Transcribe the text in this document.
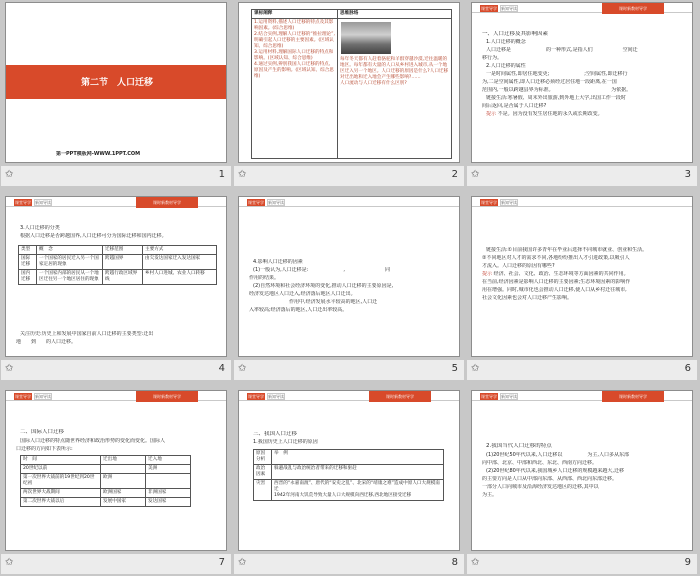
第二节　人口迁移
第一PPT模板网-WWW.1PPT.COM
✩	1
课标阐释	思维脉络
1.运用资料,描述人口迁移的特点及其影响因素。(综合思维)
2.结合实例,理解人口迁移的“推拉理论”,明确引起人口迁移的主要因素。(区域认知、综合思维)
3.运用材料,理解国际人口迁移的特点和影响。(区域认知、综合思维)
4.通过实例,辨别我国人口迁移的特点、原因及产生的影响。(区域认知、综合思维)	每年冬天都有人赶着骆驼和羊群穿越沙漠,迁往温暖的地区。每年都有大量的人口从乡村进入城市,从一个地区迁入另一个地区。人口迁移的原因是什么?人口迁移对迁出地和迁入地会产生哪些影响?……
人口流动与人口迁移有什么区别?
✩	2
课堂导学 新知导读	课时新教材导学
一、人口迁移及其影响因素
1.人口迁移的概念
人口迁移是　　　　　　　的一种形式,是指人们　　　　　　空间迁
移行为。
2.人口迁移的属性
一是时间属性,即居住地变更;　　　　　　　;空间属性,即迁移行
为,二是空间属性,即人口迁移必须经过居住地一段距离,在一国
范围内,一般以跨越县界为标准。　　　　　　　　　　　　为依据。
链接生活:寒暑假、周末外出旅游,到外地上大学,出国工作一段时
间后返回,是否属于人口迁移?
提示 不是。因为没有发生居住地的永久或长期改变。
✩	3
课堂导学 新知导读	课时新教材导学
3.人口迁移的分类
根据人口迁移是否跨越国界,人口迁移可分为国际迁移和国内迁移。
类型	概　念	迁移范围	主要方式
国际迁移	一个国家的居民迁入另一个国家定居的现象	跨越国界	由欠发达国家迁入发达国家
国内迁移	一个国家内部的居民从一个地区迁往另一个地区居住的现象	跨越行政区域界线	乡村人口进城、农业人口转移
关注历史:历史上和发展中国家自前人口迁移的主要类型:迁出
地　　到　　的人口迁移。
✩	4
课堂导学 新知导读
4.影响人口迁移的因素
(1)一般认为,人口迁移是:　　　　　　　,　　　　　　　　同
作用的结果。
(2)自然环境和社会经济环境的变化,推动人口迁移的主要原因是,
经济发达地区人口迁入,经济落后地区人口迁出。
　　　　　　　　作用中,经济发展水平较高的地区,人口迁
入率较高;经济落后的地区,人口迁出率较高。
✩	5
课堂导学 新知导读
链接生活:①目前我国许多青年在毕业后选择不同城市就业、创业和生活。
②不同地区对人才的需求不同,各地纷纷推出人才引进政策,以吸引人
才流入。人口迁移的原因有哪些?
提示 经济、社会、文化、政治、生态环境等方面因素的共同作用。
在当前,经济因素是影响人口迁移的主要因素;生态环境因素的影响作
用在增强。同时,城市化也会推动人口迁移,使人口从乡村迁往城市,
社会文化因素也会对人口迁移产生影响。
✩	6
课堂导学 新知导读	课时新教材导学
二、国际人口迁移
国际人口迁移的特点随世界经济和政治形势的变化而变化。国际人
口迁移的方向如下表所示:
时　间	迁出地	迁入地
20世纪以前		美洲
第一次世界大战前的19世纪到20世纪初	欧洲	
两次世界大战期间	欧洲国家	非洲国家
第二次世界大战以后	发展中国家	发达国家
✩	7
课堂导学 新知导读	课时新教材导学
三、我国人口迁移
1.我国历史上人口迁移的原因
原因分析	举　例
政治因素	躲避战乱与政治统治者带来的迁移和驱赶
灾害	西晋的“永嘉南渡”、唐代的“安史之乱”、北宋的“靖康之难”造成中原人口大规模南迁
1942年河南大饥荒导致大量人口大规模向西迁移,西北地区接受迁移
✩	8
课堂导学 新知导读	课时新教材导学
2.我国当代人口迁移的特点
(1)20世纪50年代以来,人口迁移以　　　　　为主,人口多从东部
向中部、北京、中部和西北、东北、西南方向迁移。
(2)20世纪80年代以来,我国城乡人口迁移的规模越来越大,迁移
的主要方向是人口从中部向东部、从西部、西北向东部迁移。
一部分人口向城市及沿海经济发达地区的迁移,其中以
为主。
✩	9
